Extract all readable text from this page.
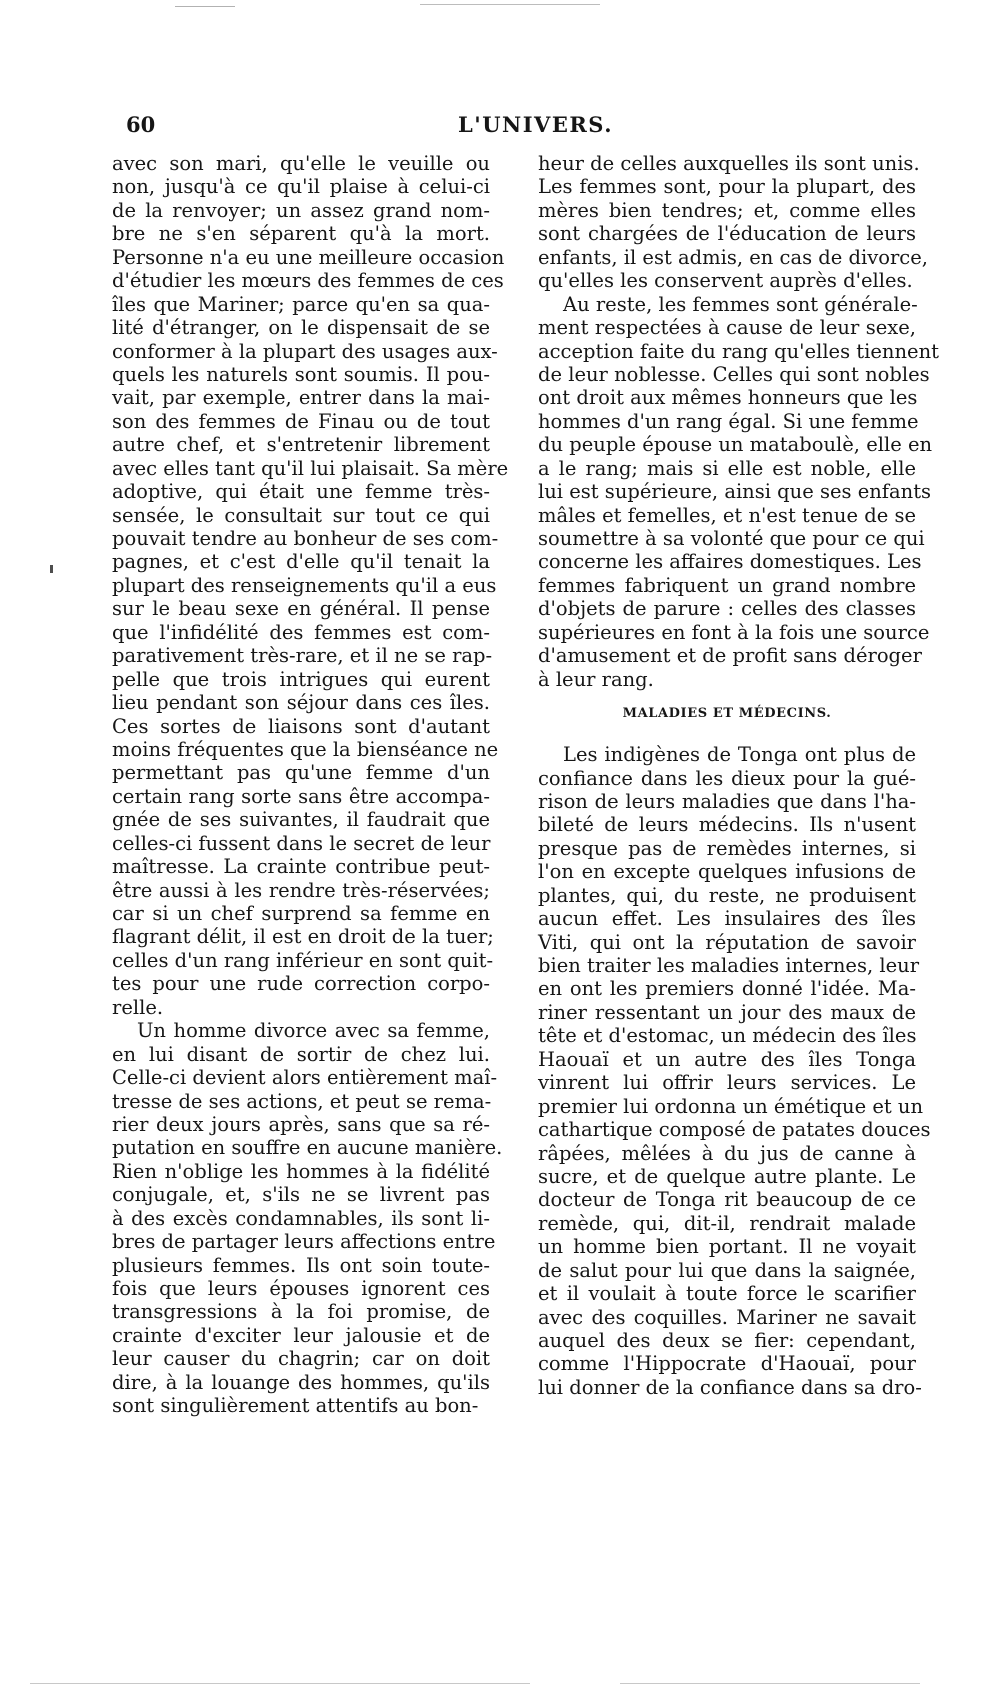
60	L'UNIVERS.
avec son mari, qu'elle le veuille ou
non, jusqu'à ce qu'il plaise à celui-ci
de la renvoyer; un assez grand nom-
bre ne s'en séparent qu'à la mort.
Personne n'a eu une meilleure occasion
d'étudier les mœurs des femmes de ces
îles que Mariner; parce qu'en sa qua-
lité d'étranger, on le dispensait de se
conformer à la plupart des usages aux-
quels les naturels sont soumis. Il pou-
vait, par exemple, entrer dans la mai-
son des femmes de Finau ou de tout
autre chef, et s'entretenir librement
avec elles tant qu'il lui plaisait. Sa mère
adoptive, qui était une femme très-
sensée, le consultait sur tout ce qui
pouvait tendre au bonheur de ses com-
pagnes, et c'est d'elle qu'il tenait la
plupart des renseignements qu'il a eus
sur le beau sexe en général. Il pense
que l'infidélité des femmes est com-
parativement très-rare, et il ne se rap-
pelle que trois intrigues qui eurent
lieu pendant son séjour dans ces îles.
Ces sortes de liaisons sont d'autant
moins fréquentes que la bienséance ne
permettant pas qu'une femme d'un
certain rang sorte sans être accompa-
gnée de ses suivantes, il faudrait que
celles-ci fussent dans le secret de leur
maîtresse. La crainte contribue peut-
être aussi à les rendre très-réservées;
car si un chef surprend sa femme en
flagrant délit, il est en droit de la tuer;
celles d'un rang inférieur en sont quit-
tes pour une rude correction corpo-
relle.
Un homme divorce avec sa femme,
en lui disant de sortir de chez lui.
Celle-ci devient alors entièrement maî-
tresse de ses actions, et peut se rema-
rier deux jours après, sans que sa ré-
putation en souffre en aucune manière.
Rien n'oblige les hommes à la fidélité
conjugale, et, s'ils ne se livrent pas
à des excès condamnables, ils sont li-
bres de partager leurs affections entre
plusieurs femmes. Ils ont soin toute-
fois que leurs épouses ignorent ces
transgressions à la foi promise, de
crainte d'exciter leur jalousie et de
leur causer du chagrin; car on doit
dire, à la louange des hommes, qu'ils
sont singulièrement attentifs au bon-
heur de celles auxquelles ils sont unis.
Les femmes sont, pour la plupart, des
mères bien tendres; et, comme elles
sont chargées de l'éducation de leurs
enfants, il est admis, en cas de divorce,
qu'elles les conservent auprès d'elles.
Au reste, les femmes sont générale-
ment respectées à cause de leur sexe,
acception faite du rang qu'elles tiennent
de leur noblesse. Celles qui sont nobles
ont droit aux mêmes honneurs que les
hommes d'un rang égal. Si une femme
du peuple épouse un mataboulè, elle en
a le rang; mais si elle est noble, elle
lui est supérieure, ainsi que ses enfants
mâles et femelles, et n'est tenue de se
soumettre à sa volonté que pour ce qui
concerne les affaires domestiques. Les
femmes fabriquent un grand nombre
d'objets de parure : celles des classes
supérieures en font à la fois une source
d'amusement et de profit sans déroger
à leur rang.
MALADIES ET MÉDECINS.
Les indigènes de Tonga ont plus de
confiance dans les dieux pour la gué-
rison de leurs maladies que dans l'ha-
bileté de leurs médecins. Ils n'usent
presque pas de remèdes internes, si
l'on en excepte quelques infusions de
plantes, qui, du reste, ne produisent
aucun effet. Les insulaires des îles
Viti, qui ont la réputation de savoir
bien traiter les maladies internes, leur
en ont les premiers donné l'idée. Ma-
riner ressentant un jour des maux de
tête et d'estomac, un médecin des îles
Haouaï et un autre des îles Tonga
vinrent lui offrir leurs services. Le
premier lui ordonna un émétique et un
cathartique composé de patates douces
râpées, mêlées à du jus de canne à
sucre, et de quelque autre plante. Le
docteur de Tonga rit beaucoup de ce
remède, qui, dit-il, rendrait malade
un homme bien portant. Il ne voyait
de salut pour lui que dans la saignée,
et il voulait à toute force le scarifier
avec des coquilles. Mariner ne savait
auquel des deux se fier: cependant,
comme l'Hippocrate d'Haouaï, pour
lui donner de la confiance dans sa dro-
